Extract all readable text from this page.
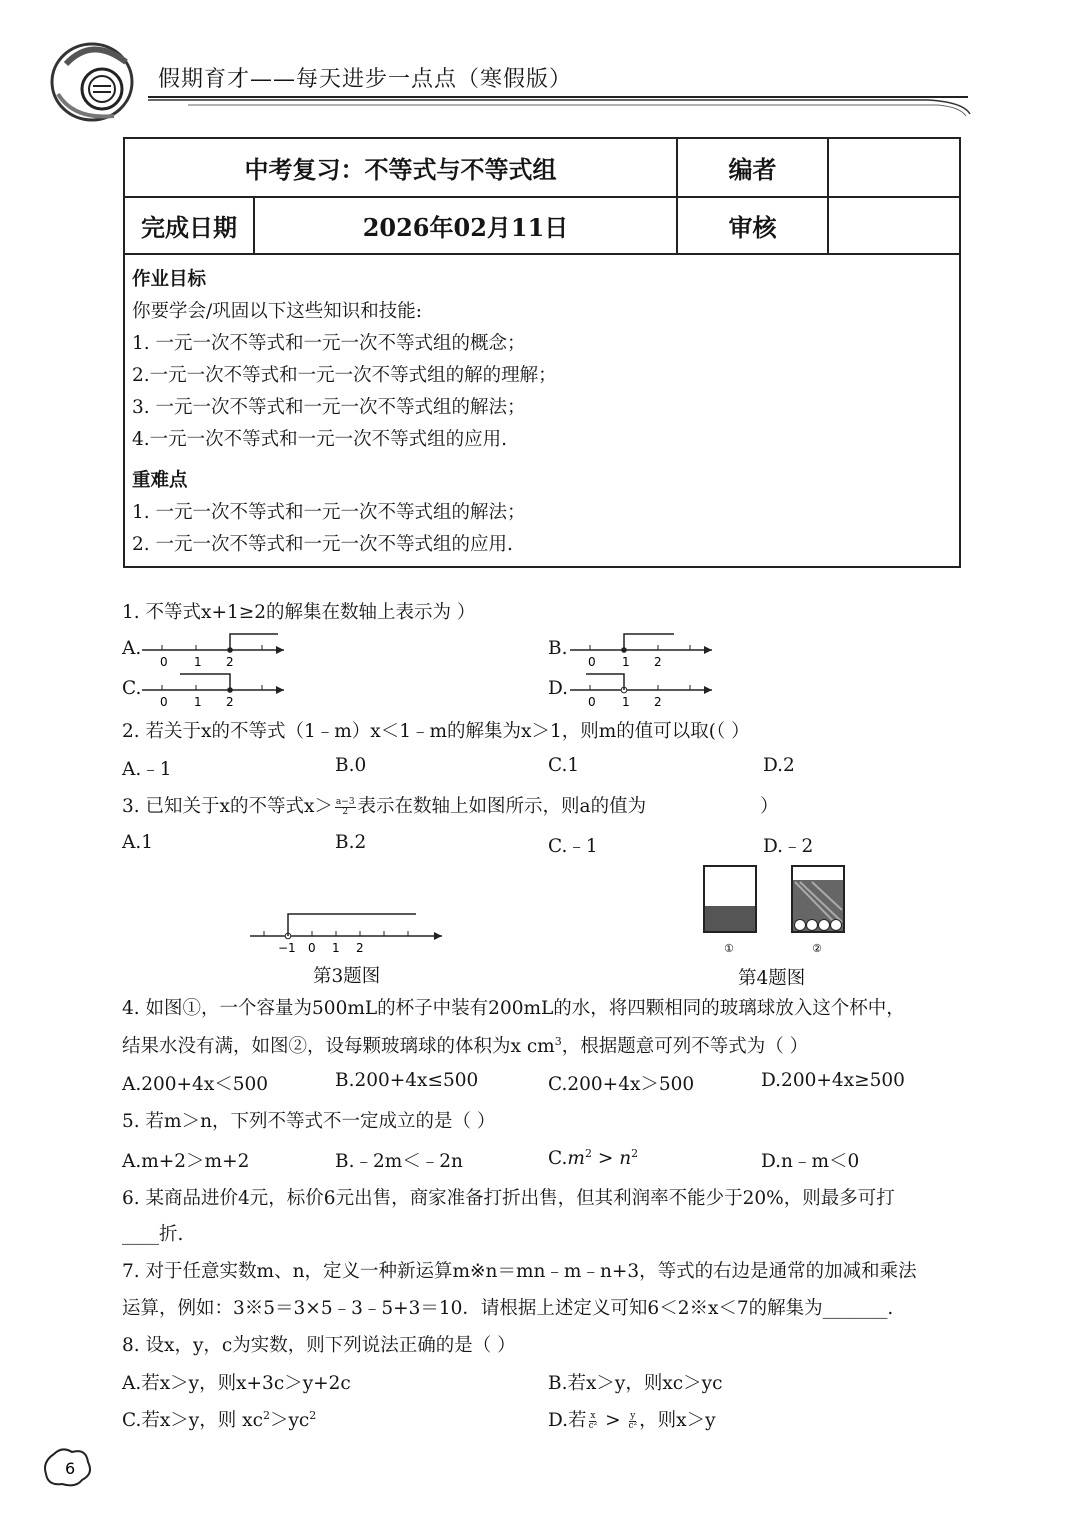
假期育才——每天进步一点点（寒假版）
中考复习：不等式与不等式组	编者
完成日期	2026年02月11日	审核
作业目标
你要学会/巩固以下这些知识和技能:
1. 一元一次不等式和一元一次不等式组的概念；
2.一元一次不等式和一元一次不等式组的解的理解；
3. 一元一次不等式和一元一次不等式组的解法；
4.一元一次不等式和一元一次不等式组的应用.
重难点
1. 一元一次不等式和一元一次不等式组的解法；
2. 一元一次不等式和一元一次不等式组的应用.
1. 不等式x+1≥2的解集在数轴上表示为 ）
A.
0 1 2
B.
0 1 2
C.
0 1 2
D.
0 1 2
2. 若关于x的不等式（1﹣m）x＜1﹣m的解集为x＞1，则m的值可以取(（ ）
A.﹣1	B.0	C.1	D.2
3. 已知关于x的不等式$x> \frac{a-3}{2}$ 表示在数轴上如图所示，则a的值为	）
A.1	B.2	C.﹣1	D.﹣2
−1 0 1 2
第3题图
①	②
第4题图
4. 如图①，一个容量为500mL的杯子中装有200mL的水，将四颗相同的玻璃球放入这个杯中，
结果水没有满，如图②，设每颗玻璃球的体积为x $cm^3$，根据题意可列不等式为（ ）
A.200+4x＜500	B.200+4x≤500	C.200+4x＞500	D.200+4x≥500
5. 若m＞n，下列不等式不一定成立的是（ ）
A.m+2＞m+2	B.﹣2m＜﹣2n	$C.m^2 > n^2$	D.n﹣m＜0
6. 某商品进价4元，标价6元出售，商家准备打折出售，但其利润率不能少于20%，则最多可打
____折.
7. 对于任意实数m、n，定义一种新运算m※n＝mn﹣m﹣n+3，等式的右边是通常的加减和乘法
运算，例如：3※5＝3×5﹣3﹣5+3＝10．请根据上述定义可知6＜2※x＜7的解集为_______.
8. 设x，y，c为实数，则下列说法正确的是（ ）
A.若x＞y，则x+3c＞y+2c	B.若x＞y，则xc＞yc
C.若x＞y，则 $xc^2>yc^2$	D.若 $\frac{x}{\text{c²}} > \frac{y}{\text{c²}}$ ，则x＞y
6
